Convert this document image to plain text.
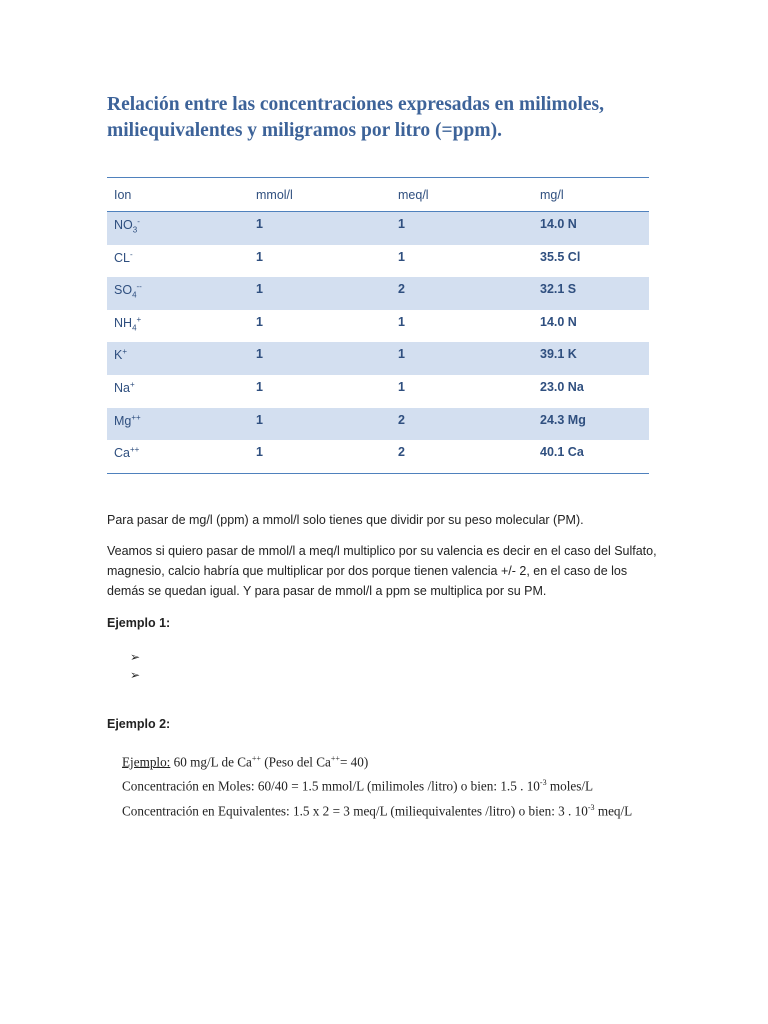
Relación entre las concentraciones expresadas en milimoles,
miliequivalentes y miligramos por litro (=ppm).
Ion	mmol/l	meq/l	mg/l
$NO_3^-$	1	1	14.0 N
CL-	1	1	35.5 Cl
$SO_4^{--}$	1	2	32.1 S
$NH_4^+$	1	1	14.0 N
K+	1	1	39.1 K
Na+	1	1	23.0 Na
Mg++	1	2	24.3 Mg
Ca++	1	2	40.1 Ca

Para pasar de mg/l (ppm) a mmol/l solo tienes que dividir por su peso molecular (PM).

Veamos si quiero pasar de mmol/l a meq/l multiplico por su valencia es decir en el caso del Sulfato, magnesio, calcio habría que multiplicar por dos porque tienen valencia +/- 2, en el caso de los demás se quedan igual. Y para pasar de mmol/l a ppm se multiplica por su PM.

Ejemplo 1:

➢
➢

Ejemplo 2:

Ejemplo: 60 mg/L de Ca++ (Peso del Ca++= 40)
Concentración en Moles: 60/40 = 1.5 mmol/L (milimoles /litro) o bien: 1.5 . $10^{-3}$ moles/L
Concentración en Equivalentes: 1.5 x 2 = 3 meq/L (miliequivalentes /litro) o bien: 3 . $10^{-3}$ meq/L
